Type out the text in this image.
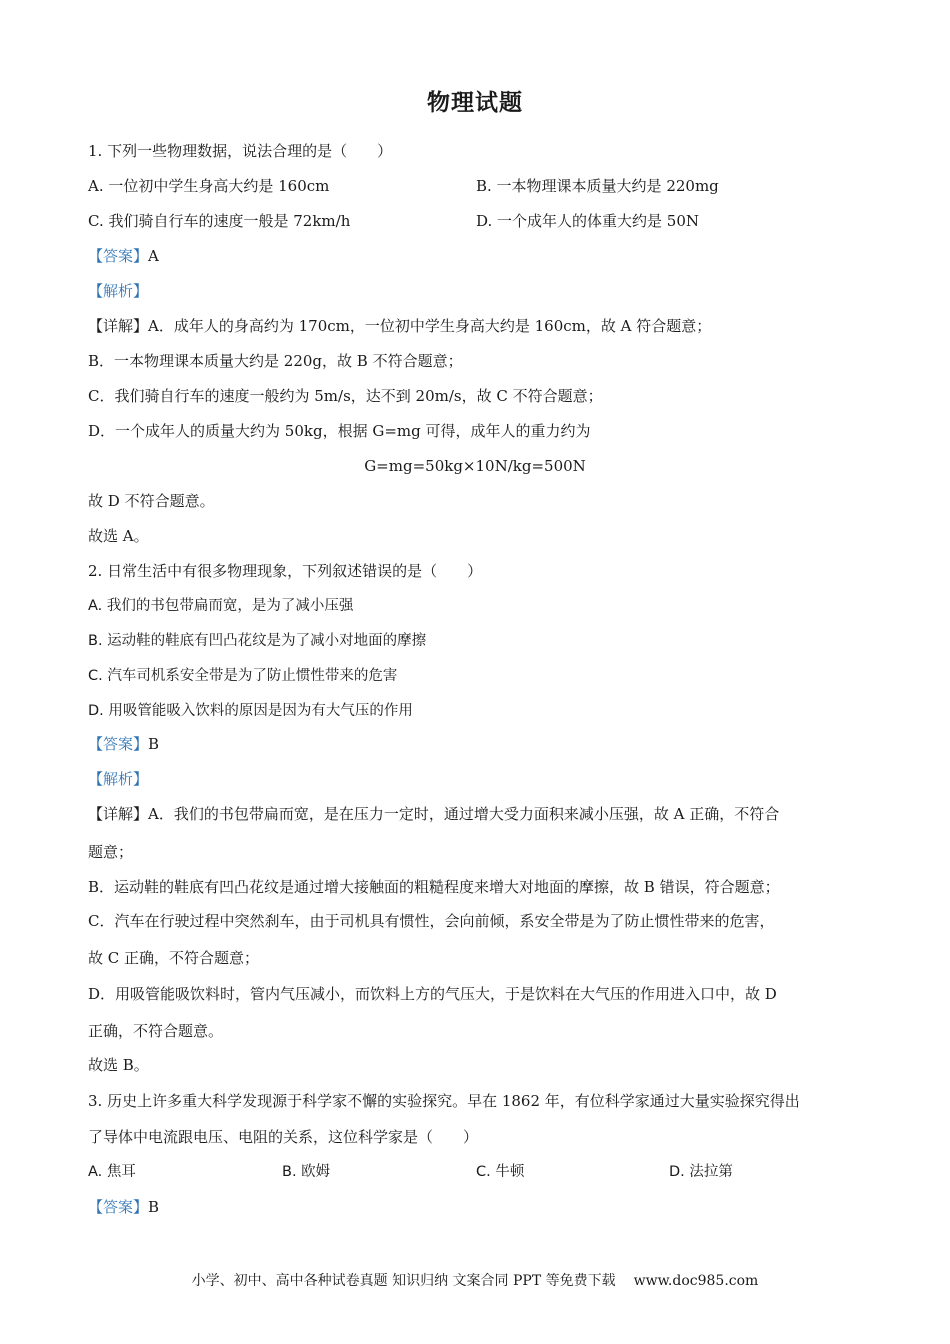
物理试题
1. 下列一些物理数据，说法合理的是（　　）
A. 一位初中学生身高大约是 160cm	B. 一本物理课本质量大约是 220mg
C. 我们骑自行车的速度一般是 72km/h	D. 一个成年人的体重大约是 50N
【答案】A
【解析】
【详解】A．成年人的身高约为 170cm，一位初中学生身高大约是 160cm，故 A 符合题意；
B．一本物理课本质量大约是 220g，故 B 不符合题意；
C．我们骑自行车的速度一般约为 5m/s，达不到 20m/s，故 C 不符合题意；
D．一个成年人的质量大约为 50kg，根据 G=mg 可得，成年人的重力约为
G=mg=50kg×10N/kg=500N
故 D 不符合题意。
故选 A。
2. 日常生活中有很多物理现象，下列叙述错误的是（　　）
A. 我们的书包带扁而宽，是为了减小压强
B. 运动鞋的鞋底有凹凸花纹是为了减小对地面的摩擦
C. 汽车司机系安全带是为了防止惯性带来的危害
D. 用吸管能吸入饮料的原因是因为有大气压的作用
【答案】B
【解析】
【详解】A．我们的书包带扁而宽，是在压力一定时，通过增大受力面积来减小压强，故 A 正确，不符合
题意；
B．运动鞋的鞋底有凹凸花纹是通过增大接触面的粗糙程度来增大对地面的摩擦，故 B 错误，符合题意；
C．汽车在行驶过程中突然刹车，由于司机具有惯性，会向前倾，系安全带是为了防止惯性带来的危害，
故 C 正确，不符合题意；
D．用吸管能吸饮料时，管内气压减小，而饮料上方的气压大，于是饮料在大气压的作用进入口中，故 D
正确，不符合题意。
故选 B。
3. 历史上许多重大科学发现源于科学家不懈的实验探究。早在 1862 年，有位科学家通过大量实验探究得出
了导体中电流跟电压、电阻的关系，这位科学家是（　　）
A. 焦耳	B. 欧姆	C. 牛顿	D. 法拉第
【答案】B
小学、初中、高中各种试卷真题 知识归纳 文案合同 PPT 等免费下载 www.doc985.com
